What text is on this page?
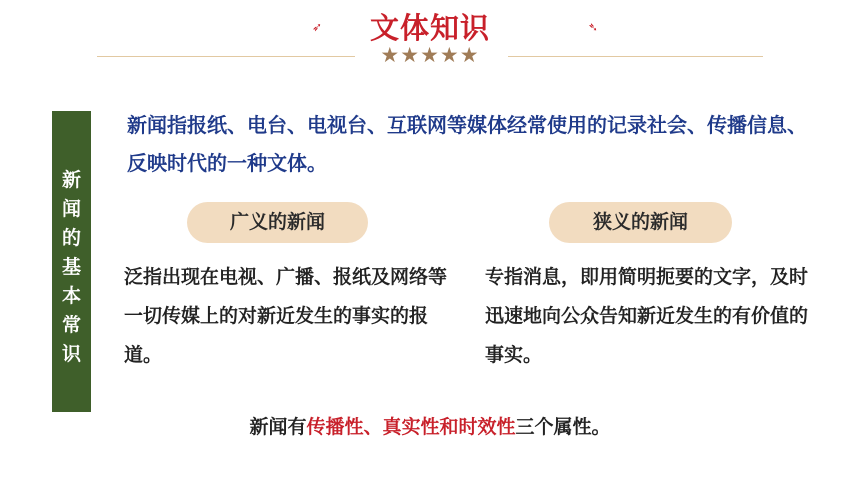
➶	➴
文体知识
★★★★★
新
闻
的
基
本
常
识
新闻指报纸、电台、电视台、互联网等媒体经常使用的记录社会、传播信息、反映时代的一种文体。
广义的新闻	狭义的新闻
泛指出现在电视、广播、报纸及网络等一切传媒上的对新近发生的事实的报道。
专指消息，即用简明扼要的文字，及时迅速地向公众告知新近发生的有价值的事实。
新闻有传播性、真实性和时效性三个属性。
